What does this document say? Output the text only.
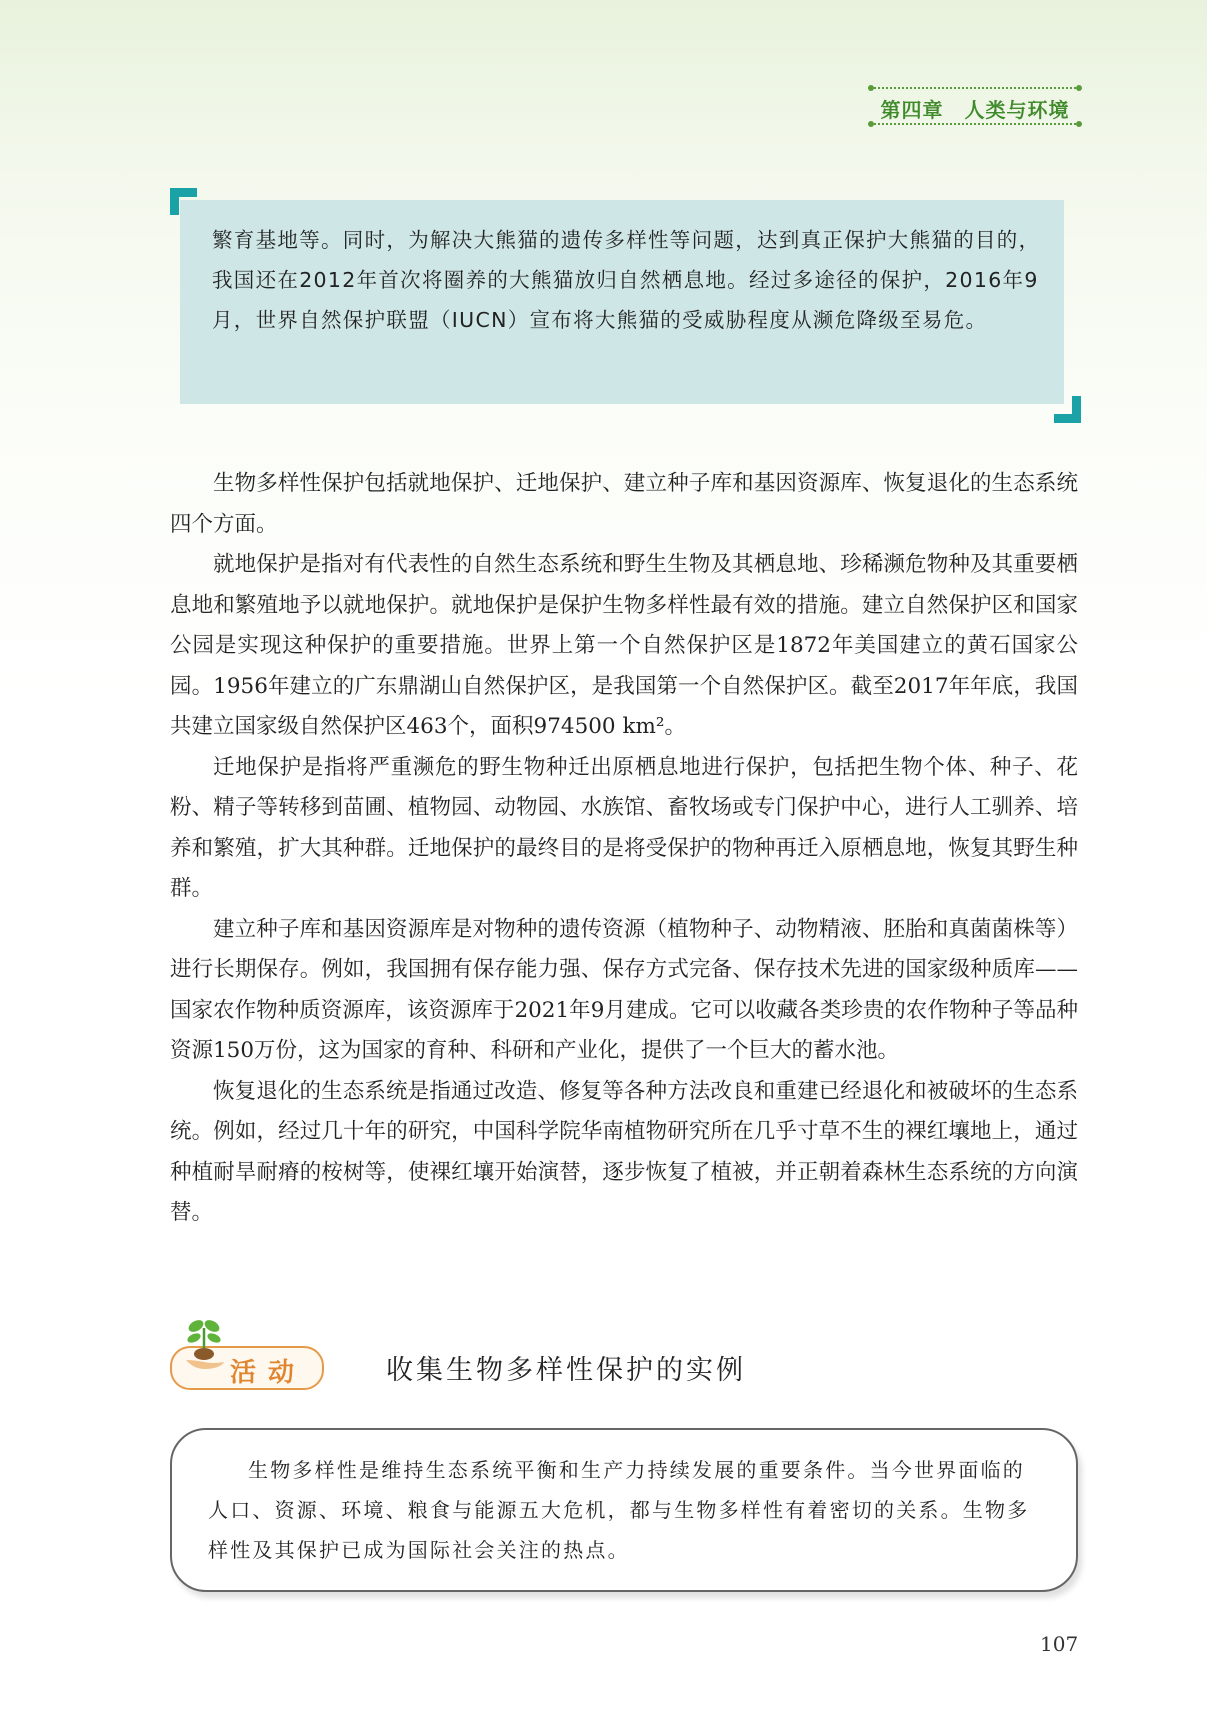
第四章　人类与环境
繁育基地等。同时，为解决大熊猫的遗传多样性等问题，达到真正保护大熊猫的目的，我国还在2012年首次将圈养的大熊猫放归自然栖息地。经过多途径的保护，2016年9月，世界自然保护联盟（IUCN）宣布将大熊猫的受威胁程度从濒危降级至易危。

生物多样性保护包括就地保护、迁地保护、建立种子库和基因资源库、恢复退化的生态系统四个方面。

就地保护是指对有代表性的自然生态系统和野生生物及其栖息地、珍稀濒危物种及其重要栖息地和繁殖地予以就地保护。就地保护是保护生物多样性最有效的措施。建立自然保护区和国家公园是实现这种保护的重要措施。世界上第一个自然保护区是1872年美国建立的黄石国家公园。1956年建立的广东鼎湖山自然保护区，是我国第一个自然保护区。截至2017年年底，我国共建立国家级自然保护区463个，面积974500 km²。

迁地保护是指将严重濒危的野生物种迁出原栖息地进行保护，包括把生物个体、种子、花粉、精子等转移到苗圃、植物园、动物园、水族馆、畜牧场或专门保护中心，进行人工驯养、培养和繁殖，扩大其种群。迁地保护的最终目的是将受保护的物种再迁入原栖息地，恢复其野生种群。

建立种子库和基因资源库是对物种的遗传资源（植物种子、动物精液、胚胎和真菌菌株等）进行长期保存。例如，我国拥有保存能力强、保存方式完备、保存技术先进的国家级种质库——国家农作物种质资源库，该资源库于2021年9月建成。它可以收藏各类珍贵的农作物种子等品种资源150万份，这为国家的育种、科研和产业化，提供了一个巨大的蓄水池。

恢复退化的生态系统是指通过改造、修复等各种方法改良和重建已经退化和被破坏的生态系统。例如，经过几十年的研究，中国科学院华南植物研究所在几乎寸草不生的裸红壤地上，通过种植耐旱耐瘠的桉树等，使裸红壤开始演替，逐步恢复了植被，并正朝着森林生态系统的方向演替。

活动	收集生物多样性保护的实例

生物多样性是维持生态系统平衡和生产力持续发展的重要条件。当今世界面临的人口、资源、环境、粮食与能源五大危机，都与生物多样性有着密切的关系。生物多样性及其保护已成为国际社会关注的热点。

107
